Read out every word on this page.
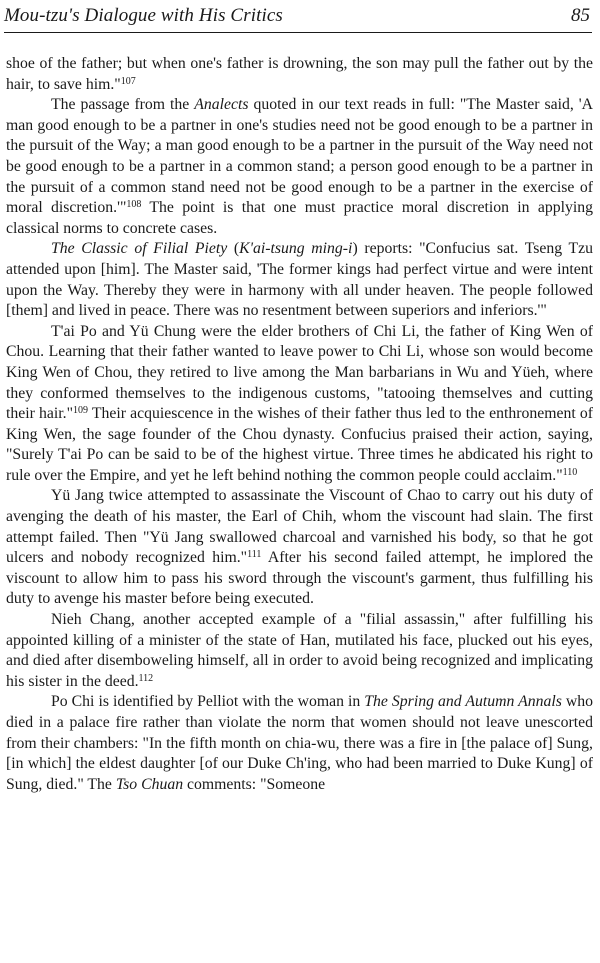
Mou-tzu's Dialogue with His Critics	85

shoe of the father; but when one's father is drowning, the son may pull the father out by the hair, to save him."$^{107}$

The passage from the Analects quoted in our text reads in full: "The Master said, 'A man good enough to be a partner in one's studies need not be good enough to be a partner in the pursuit of the Way; a man good enough to be a partner in the pursuit of the Way need not be good enough to be a partner in a common stand; a person good enough to be a partner in the pursuit of a common stand need not be good enough to be a partner in the exercise of moral discretion.'"$^{108}$ The point is that one must practice moral discretion in applying classical norms to concrete cases.

The Classic of Filial Piety (K'ai-tsung ming-i) reports: "Confucius sat. Tseng Tzu attended upon [him]. The Master said, 'The former kings had perfect virtue and were intent upon the Way. Thereby they were in harmony with all under heaven. The people followed [them] and lived in peace. There was no resentment between superiors and inferiors.'"

T'ai Po and Yü Chung were the elder brothers of Chi Li, the father of King Wen of Chou. Learning that their father wanted to leave power to Chi Li, whose son would become King Wen of Chou, they retired to live among the Man barbarians in Wu and Yüeh, where they conformed themselves to the indigenous customs, "tatooing themselves and cutting their hair."$^{109}$ Their acquiescence in the wishes of their father thus led to the enthronement of King Wen, the sage founder of the Chou dynasty. Confucius praised their action, saying, "Surely T'ai Po can be said to be of the highest virtue. Three times he abdicated his right to rule over the Empire, and yet he left behind nothing the common people could acclaim."$^{110}$

Yü Jang twice attempted to assassinate the Viscount of Chao to carry out his duty of avenging the death of his master, the Earl of Chih, whom the viscount had slain. The first attempt failed. Then "Yü Jang swallowed charcoal and varnished his body, so that he got ulcers and nobody recognized him."$^{111}$ After his second failed attempt, he implored the viscount to allow him to pass his sword through the viscount's garment, thus fulfilling his duty to avenge his master before being executed.

Nieh Chang, another accepted example of a "filial assassin," after fulfilling his appointed killing of a minister of the state of Han, mutilated his face, plucked out his eyes, and died after disemboweling himself, all in order to avoid being recognized and implicating his sister in the deed.$^{112}$

Po Chi is identified by Pelliot with the woman in The Spring and Autumn Annals who died in a palace fire rather than violate the norm that women should not leave unescorted from their chambers: "In the fifth month on chia-wu, there was a fire in [the palace of] Sung, [in which] the eldest daughter [of our Duke Ch'ing, who had been married to Duke Kung] of Sung, died." The Tso Chuan comments: "Someone
